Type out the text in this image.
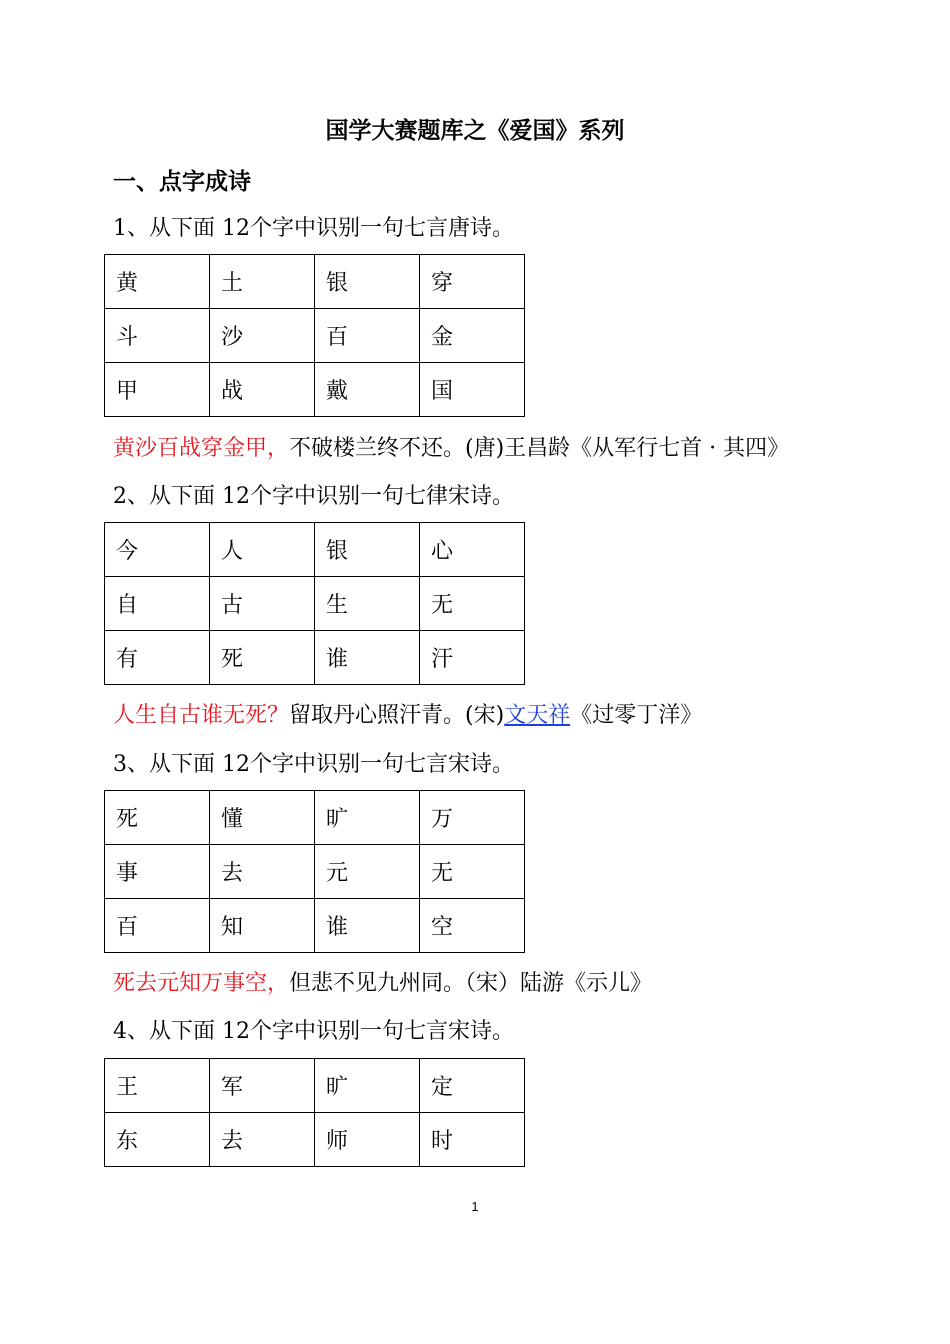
国学大赛题库之《爱国》系列
一、点字成诗
1、从下面 12个字中识别一句七言唐诗。
黄	土	银	穿
斗	沙	百	金
甲	战	戴	国
黄沙百战穿金甲，不破楼兰终不还。(唐)王昌龄《从军行七首 · 其四》
2、从下面 12个字中识别一句七律宋诗。
今	人	银	心
自	古	生	无
有	死	谁	汗
人生自古谁无死？留取丹心照汗青。(宋)文天祥《过零丁洋》
3、从下面 12个字中识别一句七言宋诗。
死	懂	旷	万
事	去	元	无
百	知	谁	空
死去元知万事空，但悲不见九州同。（宋）陆游《示儿》
4、从下面 12个字中识别一句七言宋诗。
王	军	旷	定
东	去	师	时
1
